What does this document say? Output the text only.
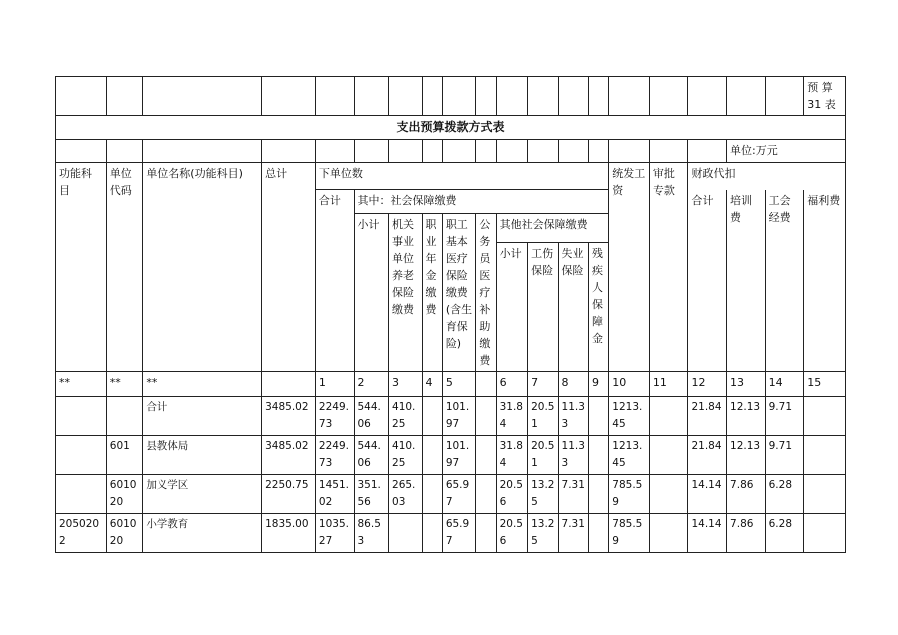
																			预 算 31 表
支出预算拨款方式表																			
																	单位:万元		
功能科目	单位代码	单位名称(功能科目)	总计	下单位数										统发工资	审批专款	财政代扣			
				合计	其中：社会保障缴费											合计	培训费	工会经费	福利费
					小计	机关事业单位养老保险缴费	职业年金缴费	职工基本医疗保险缴费(含生育保险)	公务员医疗补助缴费	其他社会保障缴费									
										小计	工伤保险	失业保险	残疾人保障金						
**	**	**		1	2	3	4	5		6	7	8	9	10	11	12	13	14	15
		合计	3485.02	2249.73	544.06	410.25		101.97		31.84	20.51	11.33		1213.45		21.84	12.13	9.71	
	601	县教体局	3485.02	2249.73	544.06	410.25		101.97		31.84	20.51	11.33		1213.45		21.84	12.13	9.71	
	601020	加义学区	2250.75	1451.02	351.56	265.03		65.97		20.56	13.25	7.31		785.59		14.14	7.86	6.28	
2050202	601020	小学教育	1835.00	1035.27	86.53			65.97		20.56	13.25	7.31		785.59		14.14	7.86	6.28	
